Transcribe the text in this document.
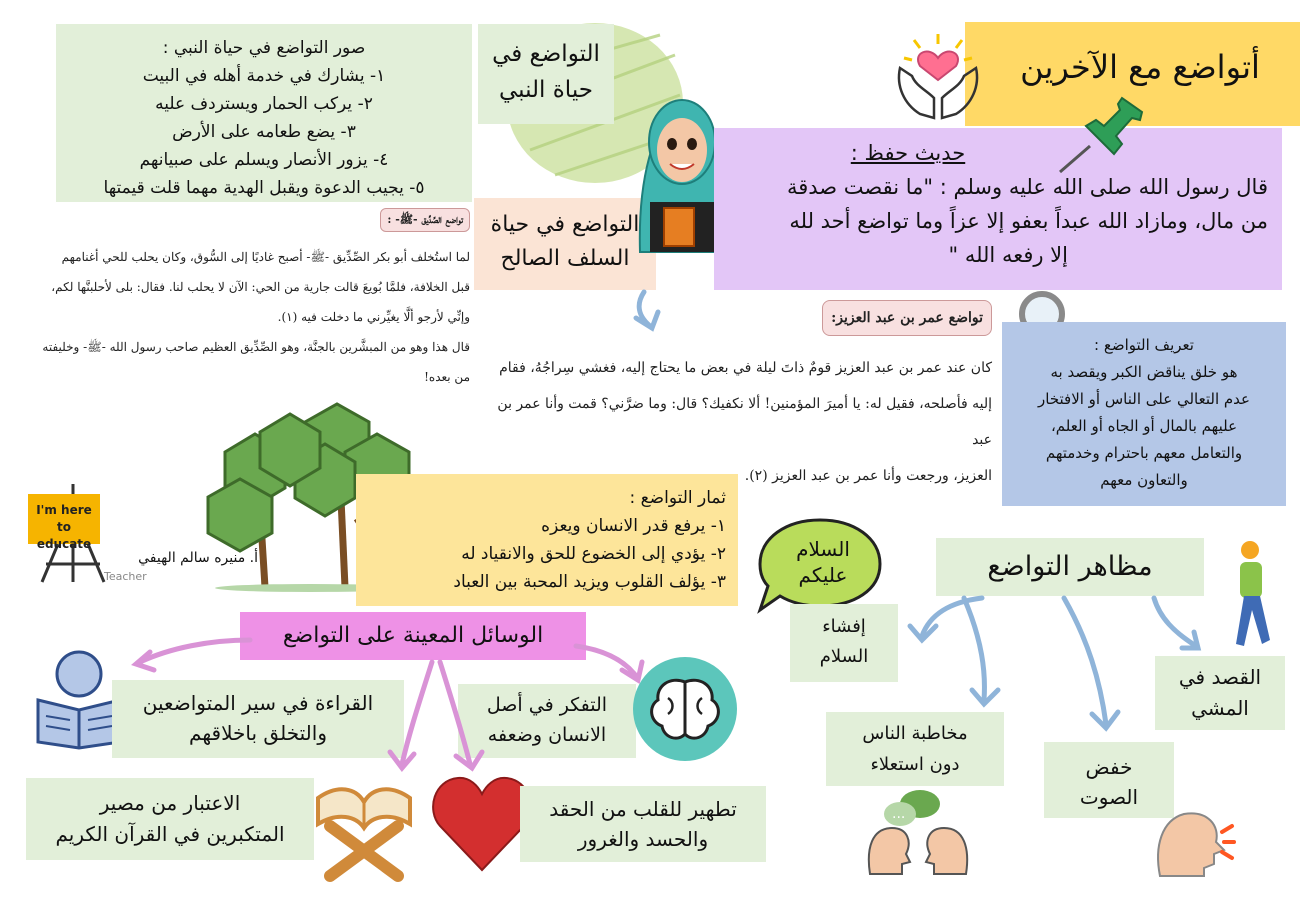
أتواضع مع الآخرين
صور التواضع في حياة النبي :
١- يشارك في خدمة أهله في البيت
٢- يركب الحمار ويستردف عليه
٣- يضع طعامه على الأرض
٤- يزور الأنصار ويسلم على صبيانهم
٥- يجيب الدعوة ويقبل الهدية مهما قلت قيمتها
التواضع في
حياة النبي
التواضع في حياة
السلف الصالح
حديث حفظ :
قال رسول الله صلى الله عليه وسلم : "ما نقصت صدقة
من مال، ومازاد الله عبداً بعفو إلا عزاً وما تواضع أحد لله
إلا رفعه الله "
تواضع الصِّدِّيق -ﷺ- :
لما استُخلف أبو بكر الصِّدِّيق -ﷺ- أصبح غاديًا إلى السُّوق، وكان يحلب للحي أغنامهم
قبل الخلافة، فلمَّا بُويعَ قالت جارية من الحي: الآن لا يحلب لنا. فقال: بلى لأحلبنَّها لكم،
وإنِّي لأرجو ألَّا يغيِّرني ما دخلت فيه (١).
قال هذا وهو من المبشَّرين بالجنَّة، وهو الصِّدِّيق العظيم صاحب رسول الله -ﷺ- وخليفته
من بعده!
تواضع عمر بن عبد العزيز:
كان عند عمر بن عبد العزيز قومٌ ذاتَ ليلة في بعض ما يحتاج إليه، فغشي سِراجُهُ، فقام
إليه فأصلحه، فقيل له: يا أميرَ المؤمنين! ألا نكفيك؟ قال: وما ضرَّني؟ قمت وأنا عمر بن عبد
العزيز، ورجعت وأنا عمر بن عبد العزيز (٢).
تعريف التواضع :
هو خلق يناقض الكبر ويقصد به
عدم التعالي على الناس أو الافتخار
عليهم بالمال أو الجاه أو العلم،
والتعامل معهم باحترام وخدمتهم
والتعاون معهم
ثمار التواضع :
١- يرفع قدر الانسان ويعزه
٢- يؤدي إلى الخضوع للحق والانقياد له
٣- يؤلف القلوب ويزيد المحبة بين العباد
I'm here
to educate
أ. منيره سالم الهيفي
Teacher
السلام
عليكم	مظاهر التواضع
إفشاء
السلام
القصد في
المشي
مخاطبة الناس
دون استعلاء	خفض
الصوت
...
الوسائل المعينة على التواضع
القراءة في سير المتواضعين
والتخلق باخلاقهم
التفكر في أصل
الانسان وضعفه
الاعتبار من مصير
المتكبرين في القرآن الكريم
تطهير للقلب من الحقد
والحسد والغرور
